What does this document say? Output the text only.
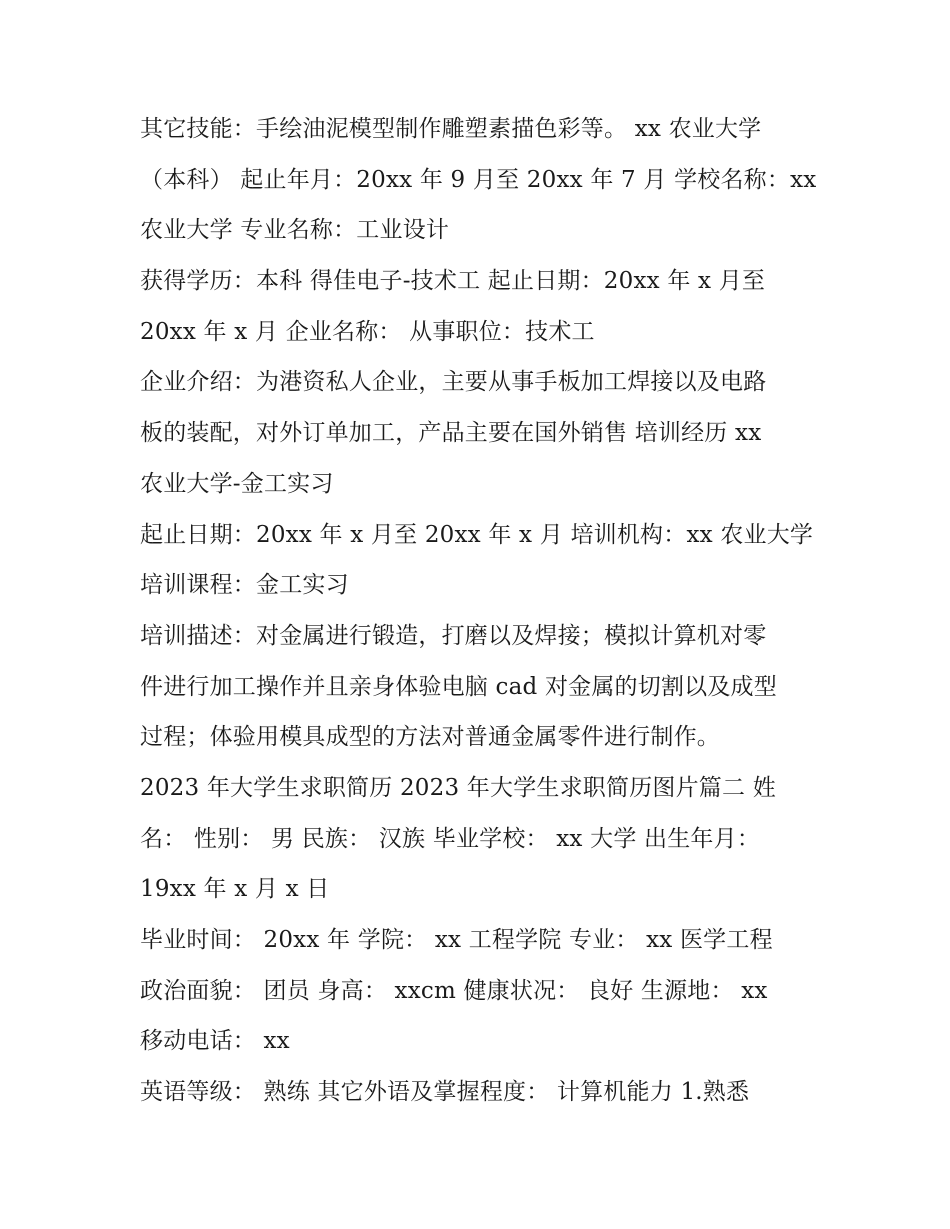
其它技能：手绘油泥模型制作雕塑素描色彩等。 xx 农业大学
（本科） 起止年月：20xx 年 9 月至 20xx 年 7 月 学校名称：xx
农业大学 专业名称：工业设计
获得学历：本科 得佳电子-技术工 起止日期：20xx 年 x 月至
20xx 年 x 月 企业名称： 从事职位：技术工
企业介绍：为港资私人企业，主要从事手板加工焊接以及电路
板的装配，对外订单加工，产品主要在国外销售 培训经历 xx
农业大学-金工实习
起止日期：20xx 年 x 月至 20xx 年 x 月 培训机构：xx 农业大学
培训课程：金工实习
培训描述：对金属进行锻造，打磨以及焊接；模拟计算机对零
件进行加工操作并且亲身体验电脑 cad 对金属的切割以及成型
过程；体验用模具成型的方法对普通金属零件进行制作。
2023 年大学生求职简历 2023 年大学生求职简历图片篇二 姓
名： 性别： 男 民族： 汉族 毕业学校： xx 大学 出生年月：
19xx 年 x 月 x 日
毕业时间： 20xx 年 学院： xx 工程学院 专业： xx 医学工程
政治面貌： 团员 身高： xxcm 健康状况： 良好 生源地： xx
移动电话： xx
英语等级： 熟练 其它外语及掌握程度： 计算机能力 1.熟悉
